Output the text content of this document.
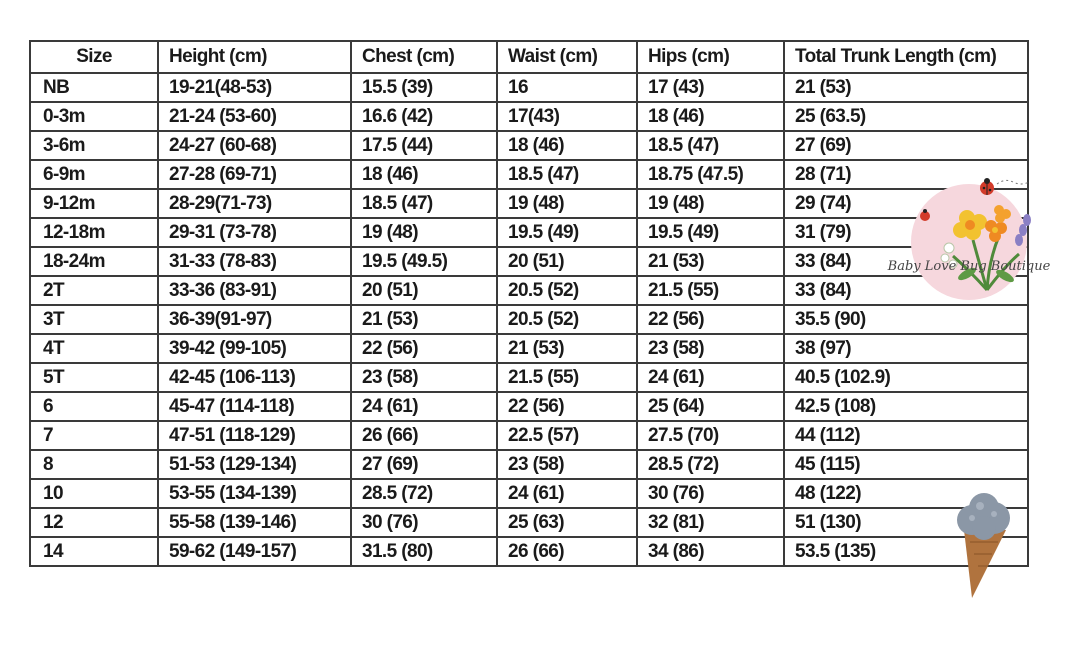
Size	Height (cm)	Chest (cm)	Waist (cm)	Hips (cm)	Total Trunk Length (cm)
NB	19-21(48-53)	15.5 (39)	16	17 (43)	21 (53)
0-3m	21-24 (53-60)	16.6 (42)	17(43)	18 (46)	25 (63.5)
3-6m	24-27 (60-68)	17.5 (44)	18 (46)	18.5 (47)	27 (69)
6-9m	27-28 (69-71)	18 (46)	18.5 (47)	18.75 (47.5)	28 (71)
9-12m	28-29(71-73)	18.5 (47)	19 (48)	19 (48)	29 (74)
12-18m	29-31 (73-78)	19 (48)	19.5 (49)	19.5 (49)	31 (79)
18-24m	31-33 (78-83)	19.5 (49.5)	20 (51)	21 (53)	33 (84)
2T	33-36 (83-91)	20 (51)	20.5 (52)	21.5 (55)	33 (84)
3T	36-39(91-97)	21 (53)	20.5 (52)	22 (56)	35.5 (90)
4T	39-42 (99-105)	22 (56)	21 (53)	23 (58)	38 (97)
5T	42-45 (106-113)	23 (58)	21.5 (55)	24 (61)	40.5 (102.9)
6	45-47 (114-118)	24 (61)	22 (56)	25 (64)	42.5 (108)
7	47-51 (118-129)	26 (66)	22.5 (57)	27.5 (70)	44 (112)
8	51-53 (129-134)	27 (69)	23 (58)	28.5 (72)	45 (115)
10	53-55 (134-139)	28.5 (72)	24 (61)	30 (76)	48 (122)
12	55-58 (139-146)	30 (76)	25 (63)	32 (81)	51 (130)
14	59-62 (149-157)	31.5 (80)	26 (66)	34 (86)	53.5 (135)
Baby Love Bug Boutique
